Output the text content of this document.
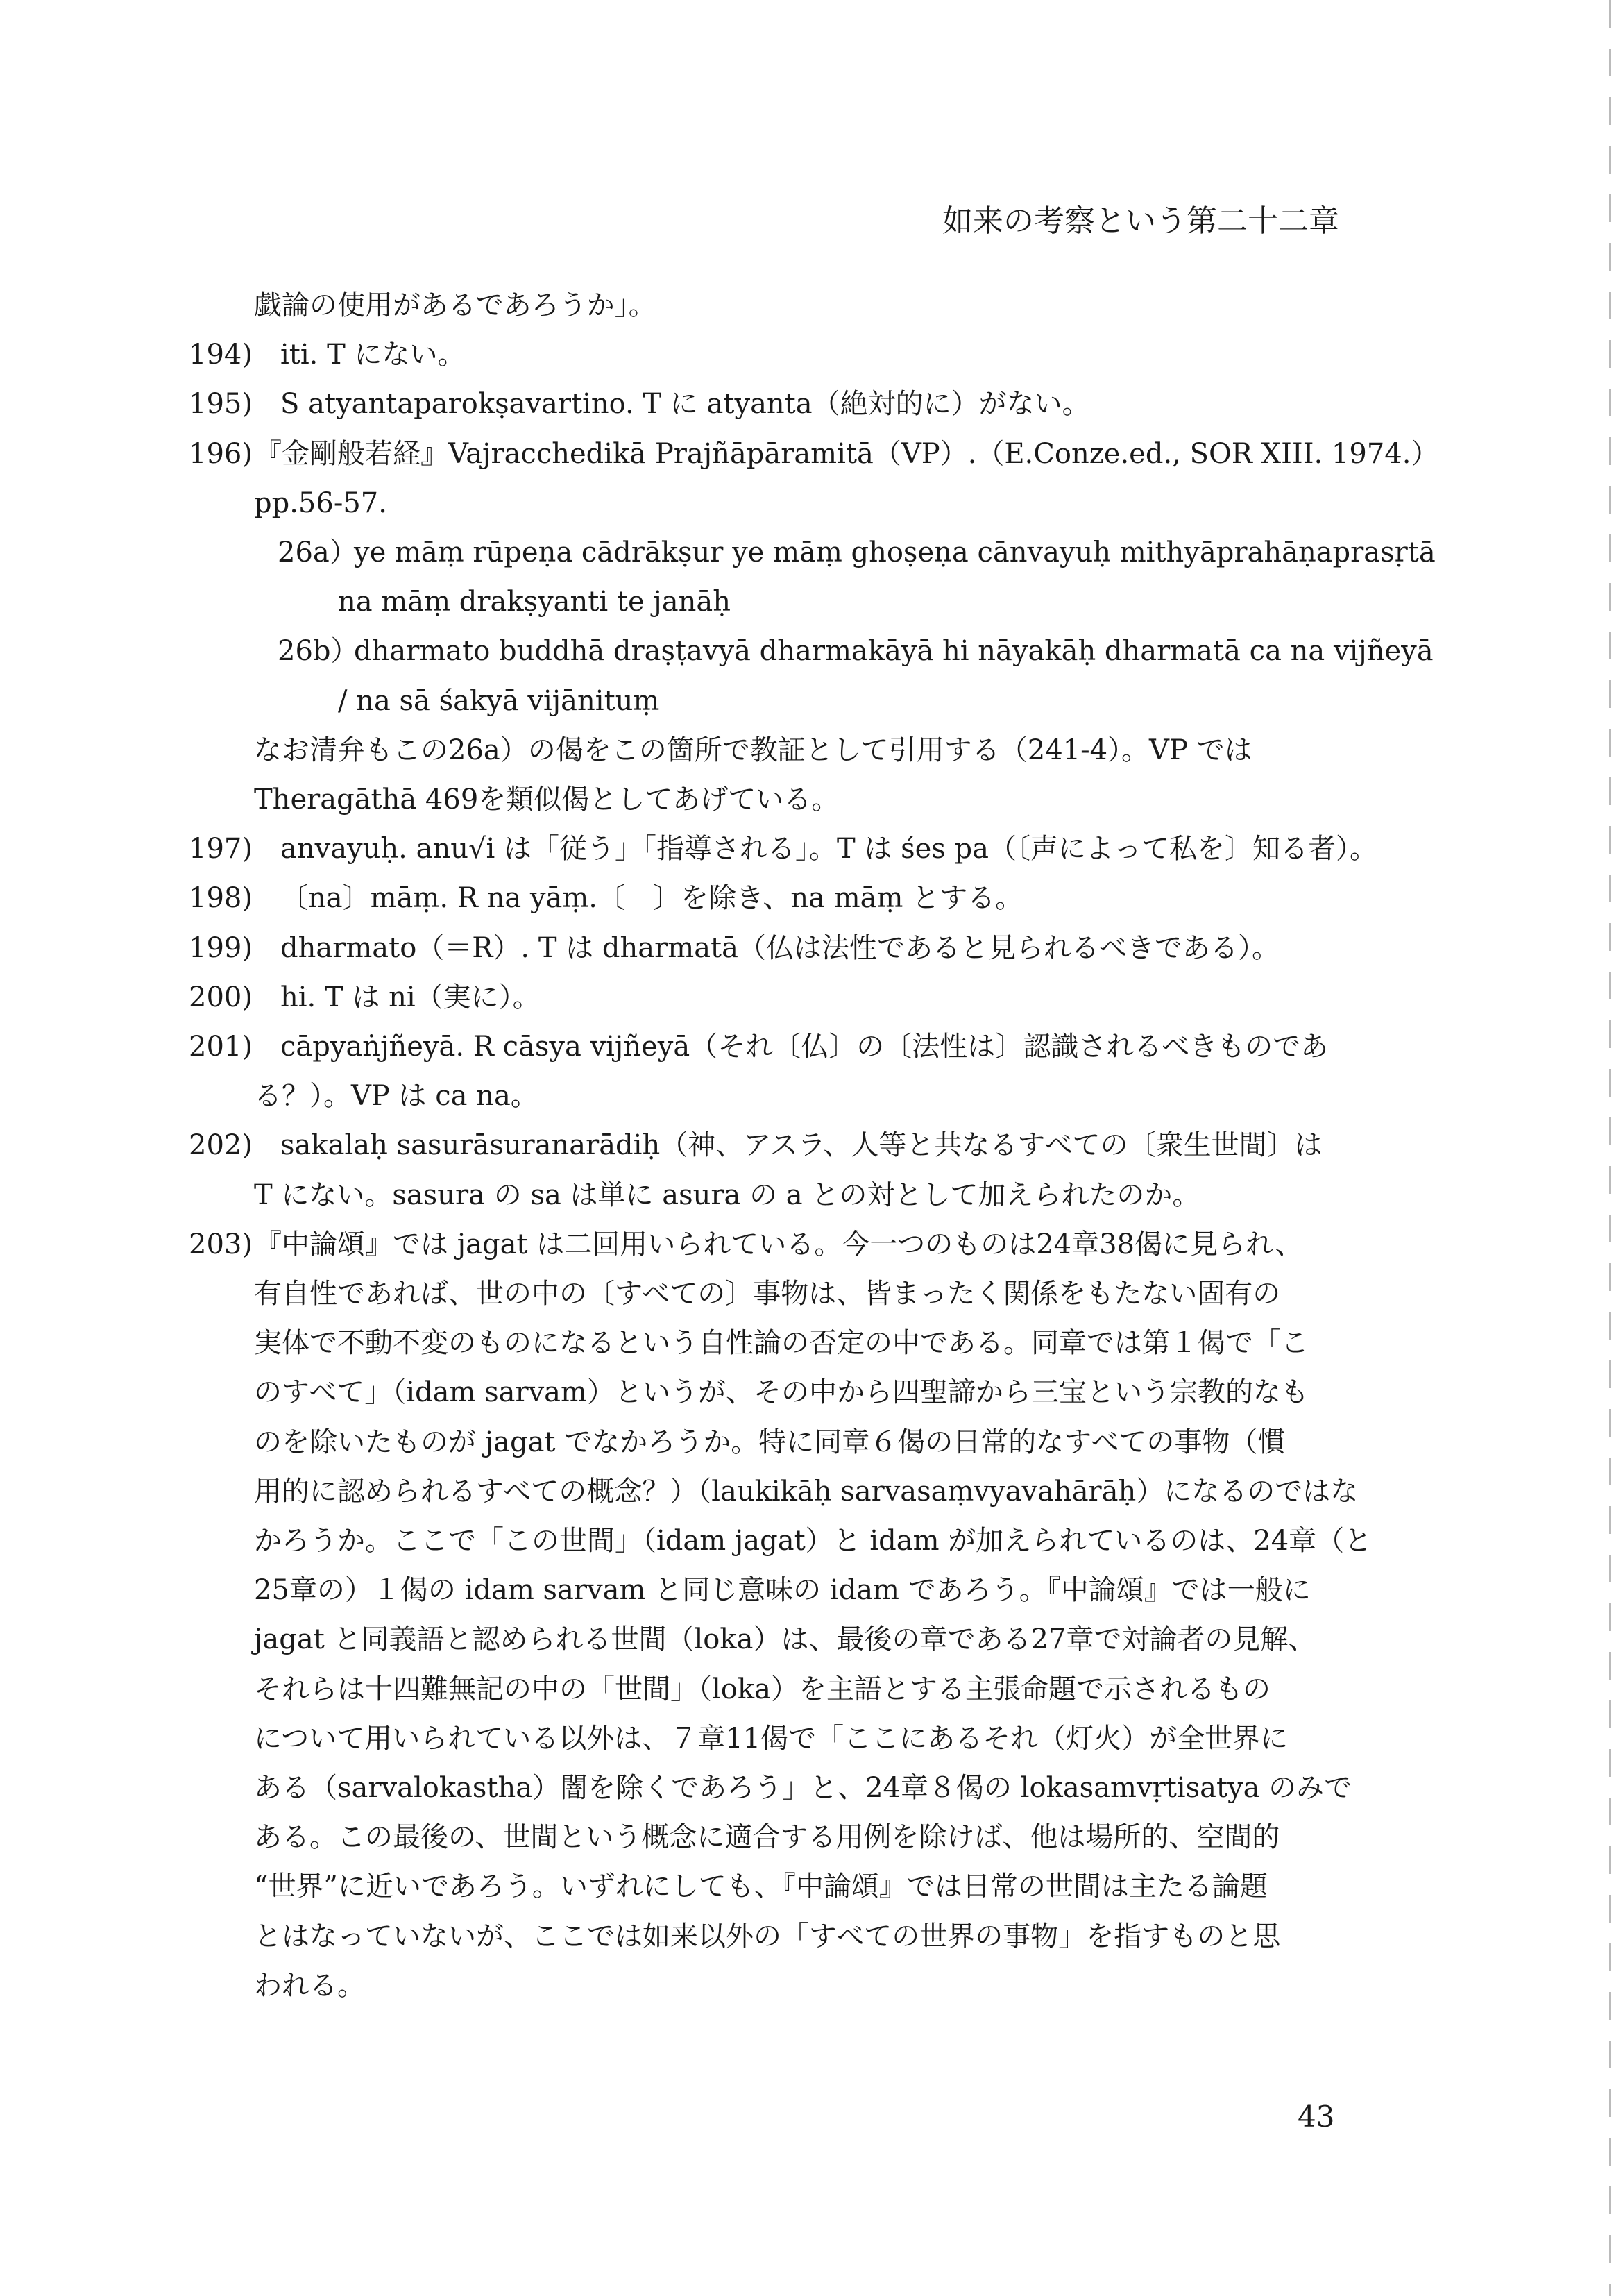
如来の考察という第二十二章
戯論の使用があるであろうか」。
194) iti. T にない。
195) S atyantaparokṣavartino. T に atyanta（絶対的に）がない。
196) 『金剛般若経』Vajracchedikā Prajñāpāramitā（VP）.（E.Conze.ed., SOR XIII. 1974.）
pp.56-57.
26a）
ye māṃ rūpeṇa cādrākṣur ye māṃ ghoṣeṇa cānvayuḥ mithyāprahāṇaprasṛtā
na māṃ drakṣyanti te janāḥ
26b）
dharmato buddhā draṣṭavyā dharmakāyā hi nāyakāḥ dharmatā ca na vijñeyā
/ na sā śakyā vijānituṃ
なお清弁もこの26a）の偈をこの箇所で教証として引用する（241-4）。VP では
Theragāthā 469を類似偈としてあげている。
197) anvayuḥ. anu√i は「従う」「指導される」。T は śes pa（〔声によって私を〕知る者）。
198) 〔na〕māṃ. R na yāṃ.〔　〕を除き、na māṃ とする。
199) dharmato（＝R）. T は dharmatā（仏は法性であると見られるべきである）。
200) hi. T は ni（実に）。
201) cāpyaṅjñeyā. R cāsya vijñeyā（それ〔仏〕の〔法性は〕認識されるべきものであ
る？）。VP は ca na。
202) sakalaḥ sasurāsuranarādiḥ（神、アスラ、人等と共なるすべての〔衆生世間〕は
T にない。sasura の sa は単に asura の a との対として加えられたのか。
203) 『中論頌』では jagat は二回用いられている。今一つのものは24章38偈に見られ、
有自性であれば、世の中の〔すべての〕事物は、皆まったく関係をもたない固有の
実体で不動不変のものになるという自性論の否定の中である。同章では第１偈で「こ
のすべて」（idam sarvam）というが、その中から四聖諦から三宝という宗教的なも
のを除いたものが jagat でなかろうか。特に同章６偈の日常的なすべての事物（慣
用的に認められるすべての概念？）（laukikāḥ sarvasaṃvyavahārāḥ）になるのではな
かろうか。ここで「この世間」（idam jagat）と idam が加えられているのは、24章（と
25章の）１偈の idam sarvam と同じ意味の idam であろう。『中論頌』では一般に
jagat と同義語と認められる世間（loka）は、最後の章である27章で対論者の見解、
それらは十四難無記の中の「世間」（loka）を主語とする主張命題で示されるもの
について用いられている以外は、７章11偈で「ここにあるそれ（灯火）が全世界に
ある（sarvalokastha）闇を除くであろう」と、24章８偈の lokasamvṛtisatya のみで
ある。この最後の、世間という概念に適合する用例を除けば、他は場所的、空間的
“世界”に近いであろう。いずれにしても、『中論頌』では日常の世間は主たる論題
とはなっていないが、ここでは如来以外の「すべての世界の事物」を指すものと思
われる。
43
